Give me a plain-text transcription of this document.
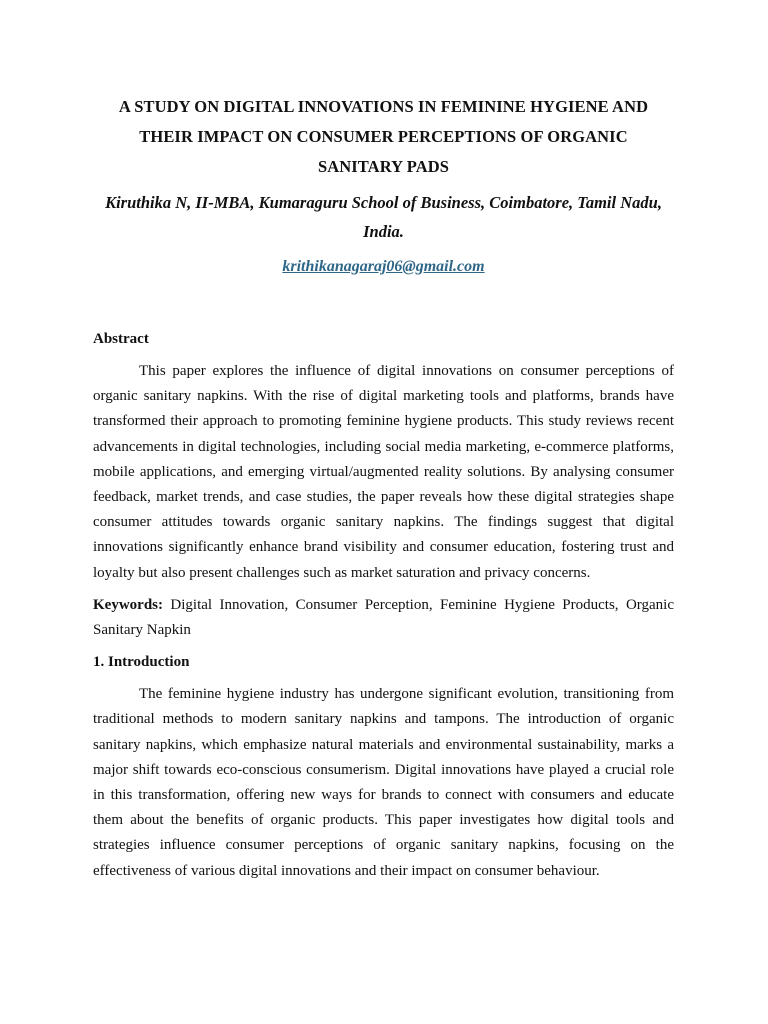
A STUDY ON DIGITAL INNOVATIONS IN FEMININE HYGIENE AND

THEIR IMPACT ON CONSUMER PERCEPTIONS OF ORGANIC

SANITARY PADS

Kiruthika N, II-MBA, Kumaraguru School of Business, Coimbatore, Tamil Nadu, India.

krithikanagaraj06@gmail.com

Abstract

This paper explores the influence of digital innovations on consumer perceptions of organic sanitary napkins. With the rise of digital marketing tools and platforms, brands have transformed their approach to promoting feminine hygiene products. This study reviews recent advancements in digital technologies, including social media marketing, e-commerce platforms, mobile applications, and emerging virtual/augmented reality solutions. By analysing consumer feedback, market trends, and case studies, the paper reveals how these digital strategies shape consumer attitudes towards organic sanitary napkins. The findings suggest that digital innovations significantly enhance brand visibility and consumer education, fostering trust and loyalty but also present challenges such as market saturation and privacy concerns.

Keywords: Digital Innovation, Consumer Perception, Feminine Hygiene Products, Organic Sanitary Napkin

1. Introduction

The feminine hygiene industry has undergone significant evolution, transitioning from traditional methods to modern sanitary napkins and tampons. The introduction of organic sanitary napkins, which emphasize natural materials and environmental sustainability, marks a major shift towards eco-conscious consumerism. Digital innovations have played a crucial role in this transformation, offering new ways for brands to connect with consumers and educate them about the benefits of organic products. This paper investigates how digital tools and strategies influence consumer perceptions of organic sanitary napkins, focusing on the effectiveness of various digital innovations and their impact on consumer behaviour.
